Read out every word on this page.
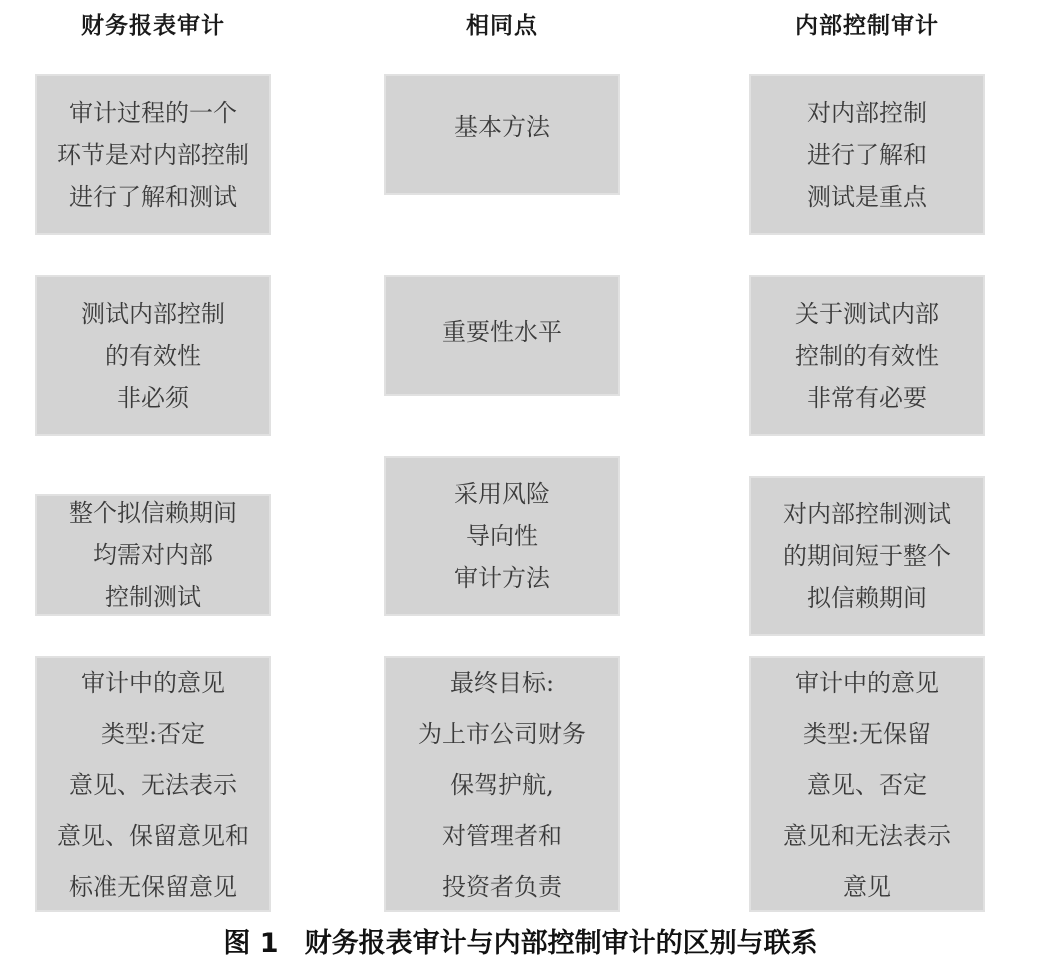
财务报表审计	相同点	内部控制审计
审计过程的一个
环节是对内部控制
进行了解和测试
测试内部控制
的有效性
非必须
整个拟信赖期间
均需对内部
控制测试
审计中的意见
类型:否定
意见、无法表示
意见、保留意见和
标准无保留意见
基本方法
重要性水平
采用风险
导向性
审计方法
最终目标:
为上市公司财务
保驾护航,
对管理者和
投资者负责
对内部控制
进行了解和
测试是重点
关于测试内部
控制的有效性
非常有必要
对内部控制测试
的期间短于整个
拟信赖期间
审计中的意见
类型:无保留
意见、否定
意见和无法表示
意见
图 1 财务报表审计与内部控制审计的区别与联系
